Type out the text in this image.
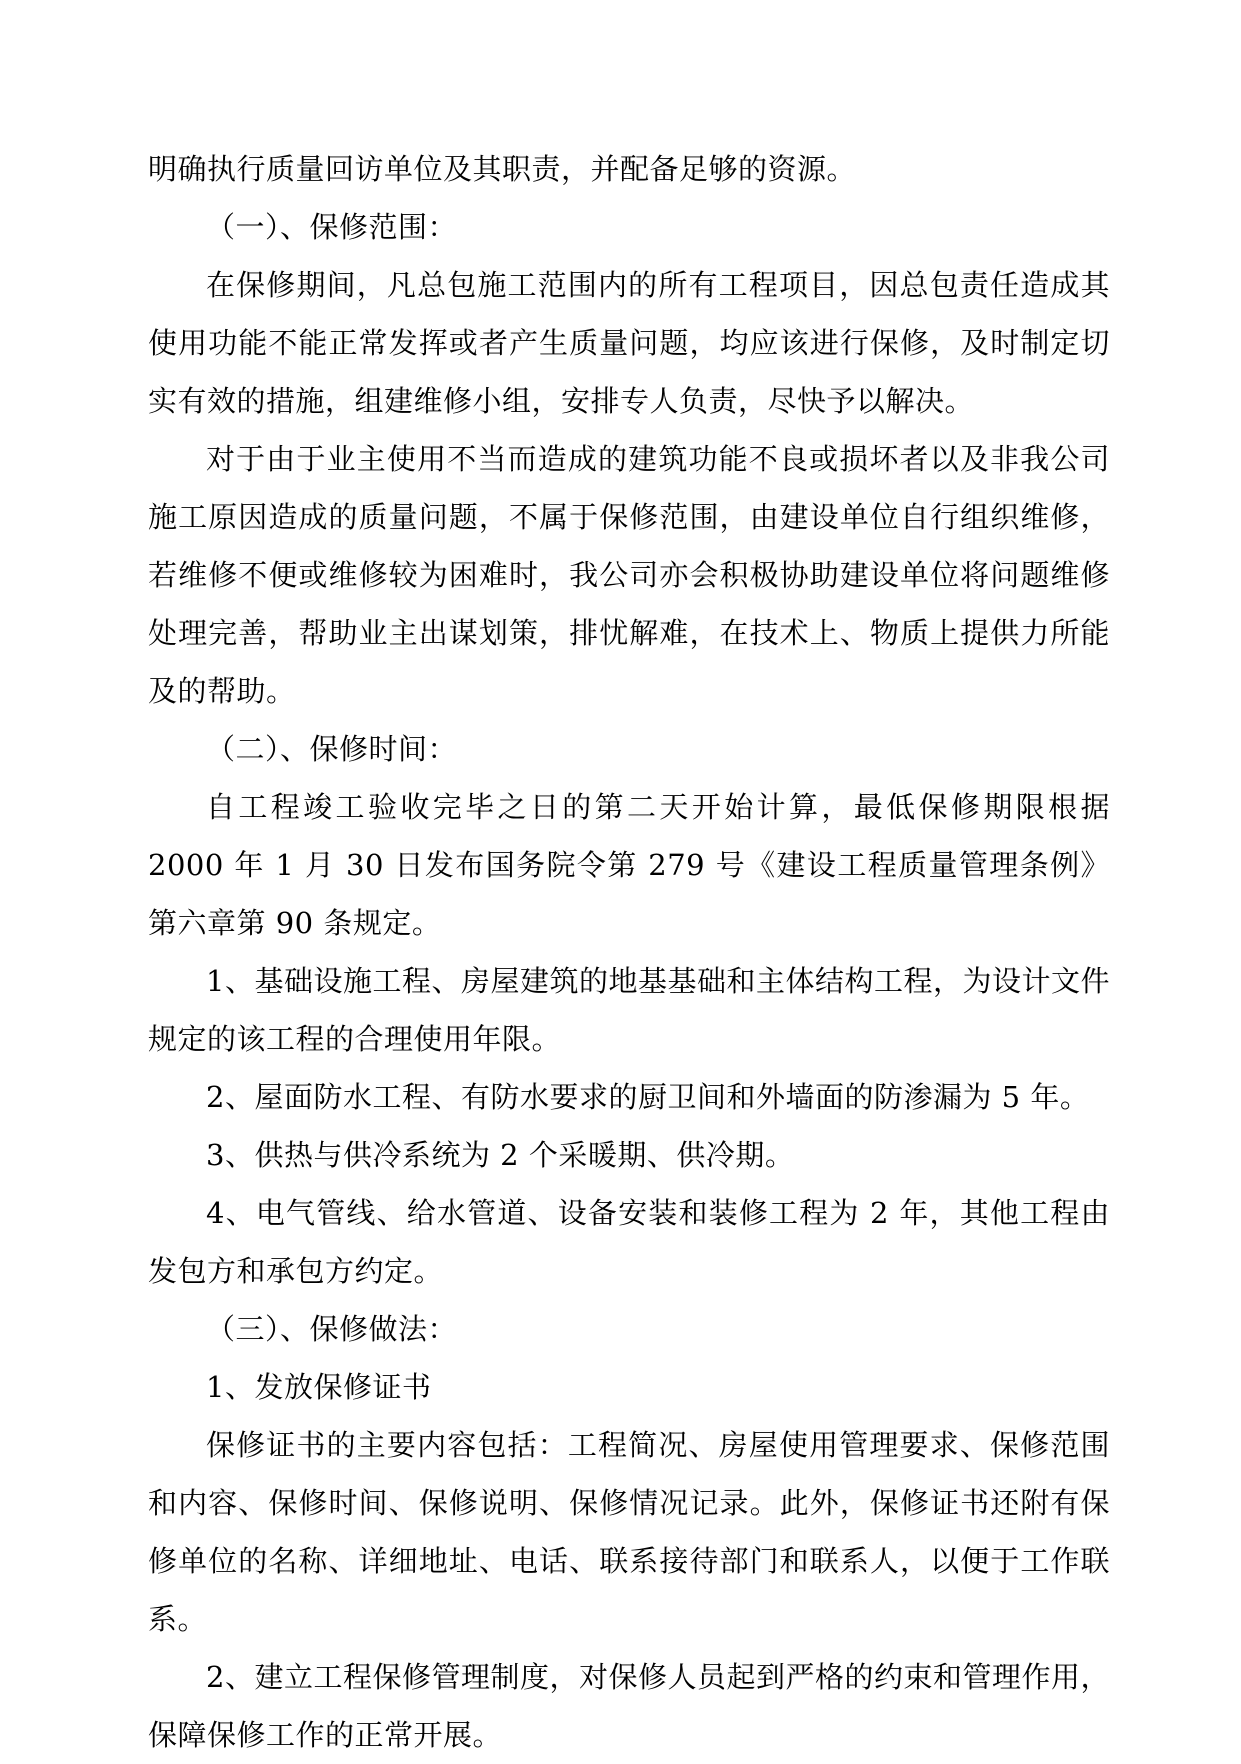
明确执行质量回访单位及其职责，并配备足够的资源。

（一）、保修范围：

在保修期间，凡总包施工范围内的所有工程项目，因总包责任造成其使用功能不能正常发挥或者产生质量问题，均应该进行保修，及时制定切实有效的措施，组建维修小组，安排专人负责，尽快予以解决。

对于由于业主使用不当而造成的建筑功能不良或损坏者以及非我公司施工原因造成的质量问题，不属于保修范围，由建设单位自行组织维修，若维修不便或维修较为困难时，我公司亦会积极协助建设单位将问题维修处理完善，帮助业主出谋划策，排忧解难，在技术上、物质上提供力所能及的帮助。

（二）、保修时间：

自工程竣工验收完毕之日的第二天开始计算，最低保修期限根据 2000 年 1 月 30 日发布国务院令第 279 号《建设工程质量管理条例》第六章第 90 条规定。

1、基础设施工程、房屋建筑的地基基础和主体结构工程，为设计文件规定的该工程的合理使用年限。

2、屋面防水工程、有防水要求的厨卫间和外墙面的防渗漏为 5 年。

3、供热与供冷系统为 2 个采暖期、供冷期。

4、电气管线、给水管道、设备安装和装修工程为 2 年，其他工程由发包方和承包方约定。

（三）、保修做法：

1、发放保修证书

保修证书的主要内容包括：工程简况、房屋使用管理要求、保修范围和内容、保修时间、保修说明、保修情况记录。此外，保修证书还附有保修单位的名称、详细地址、电话、联系接待部门和联系人，以便于工作联系。

2、建立工程保修管理制度，对保修人员起到严格的约束和管理作用，保障保修工作的正常开展。
